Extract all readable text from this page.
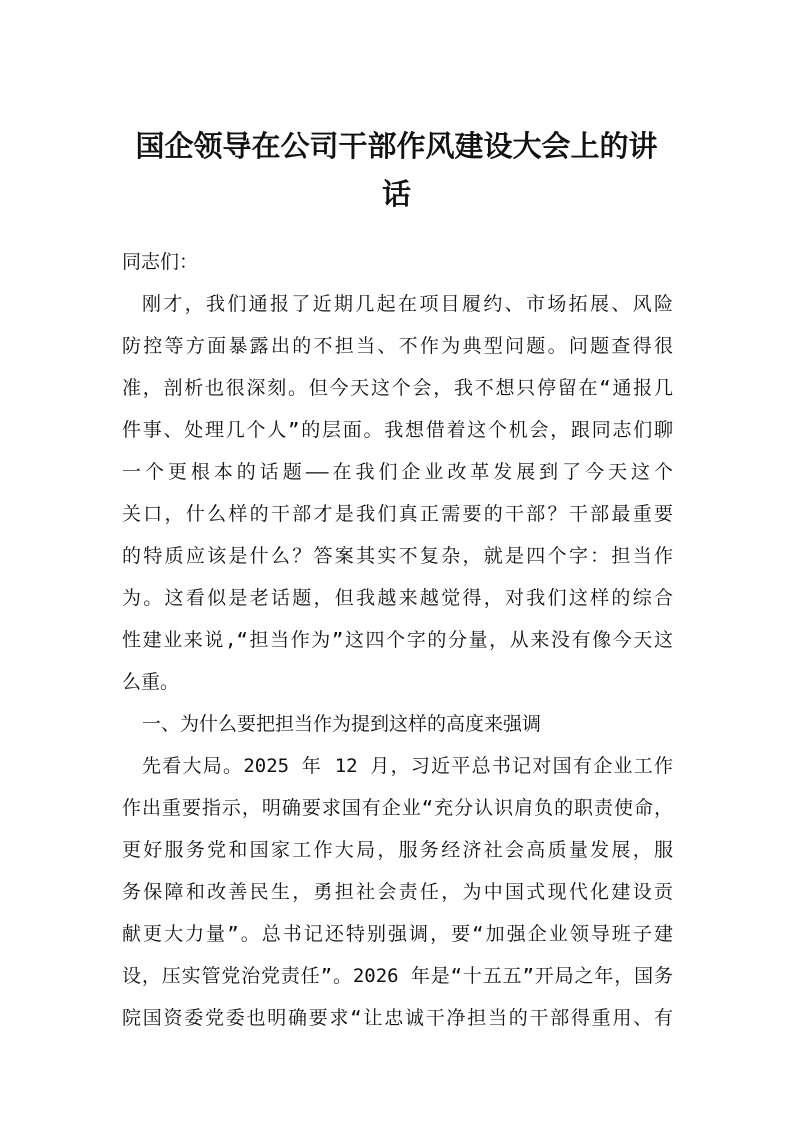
国企领导在公司干部作风建设大会上的讲
话

同志们：

刚才，我们通报了近期几起在项目履约、市场拓展、风险

防控等方面暴露出的不担当、不作为典型问题。问题查得很

准，剖析也很深刻。但今天这个会，我不想只停留在“通报几

件事、处理几个人”的层面。我想借着这个机会，跟同志们聊

一个更根本的话题——在我们企业改革发展到了今天这个

关口，什么样的干部才是我们真正需要的干部？干部最重要

的特质应该是什么？答案其实不复杂，就是四个字：担当作

为。这看似是老话题，但我越来越觉得，对我们这样的综合

性建业来说,“担当作为”这四个字的分量，从来没有像今天这

么重。

一、为什么要把担当作为提到这样的高度来强调

先看大局。2025 年 12 月，习近平总书记对国有企业工作

作出重要指示，明确要求国有企业“充分认识肩负的职责使命，

更好服务党和国家工作大局，服务经济社会高质量发展，服

务保障和改善民生，勇担社会责任，为中国式现代化建设贡

献更大力量”。总书记还特别强调，要“加强企业领导班子建

设，压实管党治党责任”。2026 年是“十五五”开局之年，国务

院国资委党委也明确要求“让忠诚干净担当的干部得重用、有
